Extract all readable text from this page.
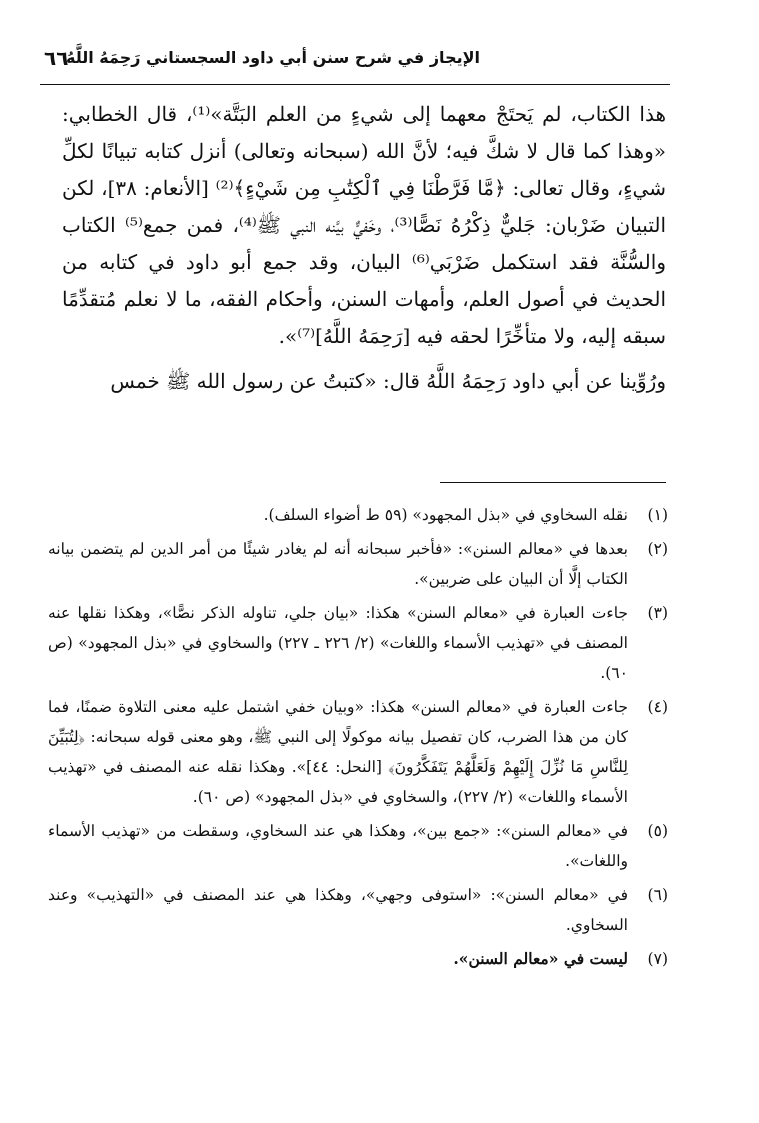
الإيجاز في شرح سنن أبي داود السجستاني رَحِمَهُ اللَّهُ
٦٦

هذا الكتاب، لم يَحتَجْ معهما إلى شيءٍ من العلم البَتَّة»⁽¹⁾، قال الخطابي: «وهذا كما قال لا شكَّ فيه؛ لأنَّ الله (سبحانه وتعالى) أنزل كتابه تبيانًا لكلِّ شيءٍ، وقال تعالى: ﴿مَّا فَرَّطْنَا فِي ٱلْكِتَٰبِ مِن شَيْءٍ﴾⁽²⁾ [الأنعام: ٣٨]، لكن التبيان ضَرْبان: جَليٌّ ذِكْرُهُ نَصًّا⁽³⁾، وخَفيٌّ بيَّنه النبي ﷺ⁽⁴⁾، فمن جمع⁽⁵⁾ الكتاب والسُّنَّة فقد استكمل ضَرْبَي⁽⁶⁾ البيان، وقد جمع أبو داود في كتابه من الحديث في أصول العلم، وأمهات السنن، وأحكام الفقه، ما لا نعلم مُتقدِّمًا سبقه إليه، ولا متأخِّرًا لحقه فيه [رَحِمَهُ اللَّهُ]⁽⁷⁾».

ورُوِّينا عن أبي داود رَحِمَهُ اللَّهُ قال: «كتبتُ عن رسول الله ﷺ خمس

(١)
نقله السخاوي في «بذل المجهود» (٥٩ ط أضواء السلف).
(٢)
بعدها في «معالم السنن»: «فأخبر سبحانه أنه لم يغادر شيئًا من أمر الدين لم يتضمن بيانه الكتاب إلَّا أن البيان على ضربين».
(٣)
جاءت العبارة في «معالم السنن» هكذا: «بيان جلي، تناوله الذكر نصًّا»، وهكذا نقلها عنه المصنف في «تهذيب الأسماء واللغات» (٢/ ٢٢٦ ـ ٢٢٧) والسخاوي في «بذل المجهود» (ص ٦٠).
(٤)
جاءت العبارة في «معالم السنن» هكذا: «وبيان خفي اشتمل عليه معنى التلاوة ضمنًا، فما كان من هذا الضرب، كان تفصيل بيانه موكولًا إلى النبي ﷺ، وهو معنى قوله سبحانه: ﴿لِتُبَيِّنَ لِلنَّاسِ مَا نُزِّلَ إِلَيْهِمْ وَلَعَلَّهُمْ يَتَفَكَّرُونَ﴾ [النحل: ٤٤]». وهكذا نقله عنه المصنف في «تهذيب الأسماء واللغات» (٢/ ٢٢٧)، والسخاوي في «بذل المجهود» (ص ٦٠).
(٥)
في «معالم السنن»: «جمع بين»، وهكذا هي عند السخاوي، وسقطت من «تهذيب الأسماء واللغات».
(٦)
في «معالم السنن»: «استوفى وجهي»، وهكذا هي عند المصنف في «التهذيب» وعند السخاوي.
(٧)
ليست في «معالم السنن».
